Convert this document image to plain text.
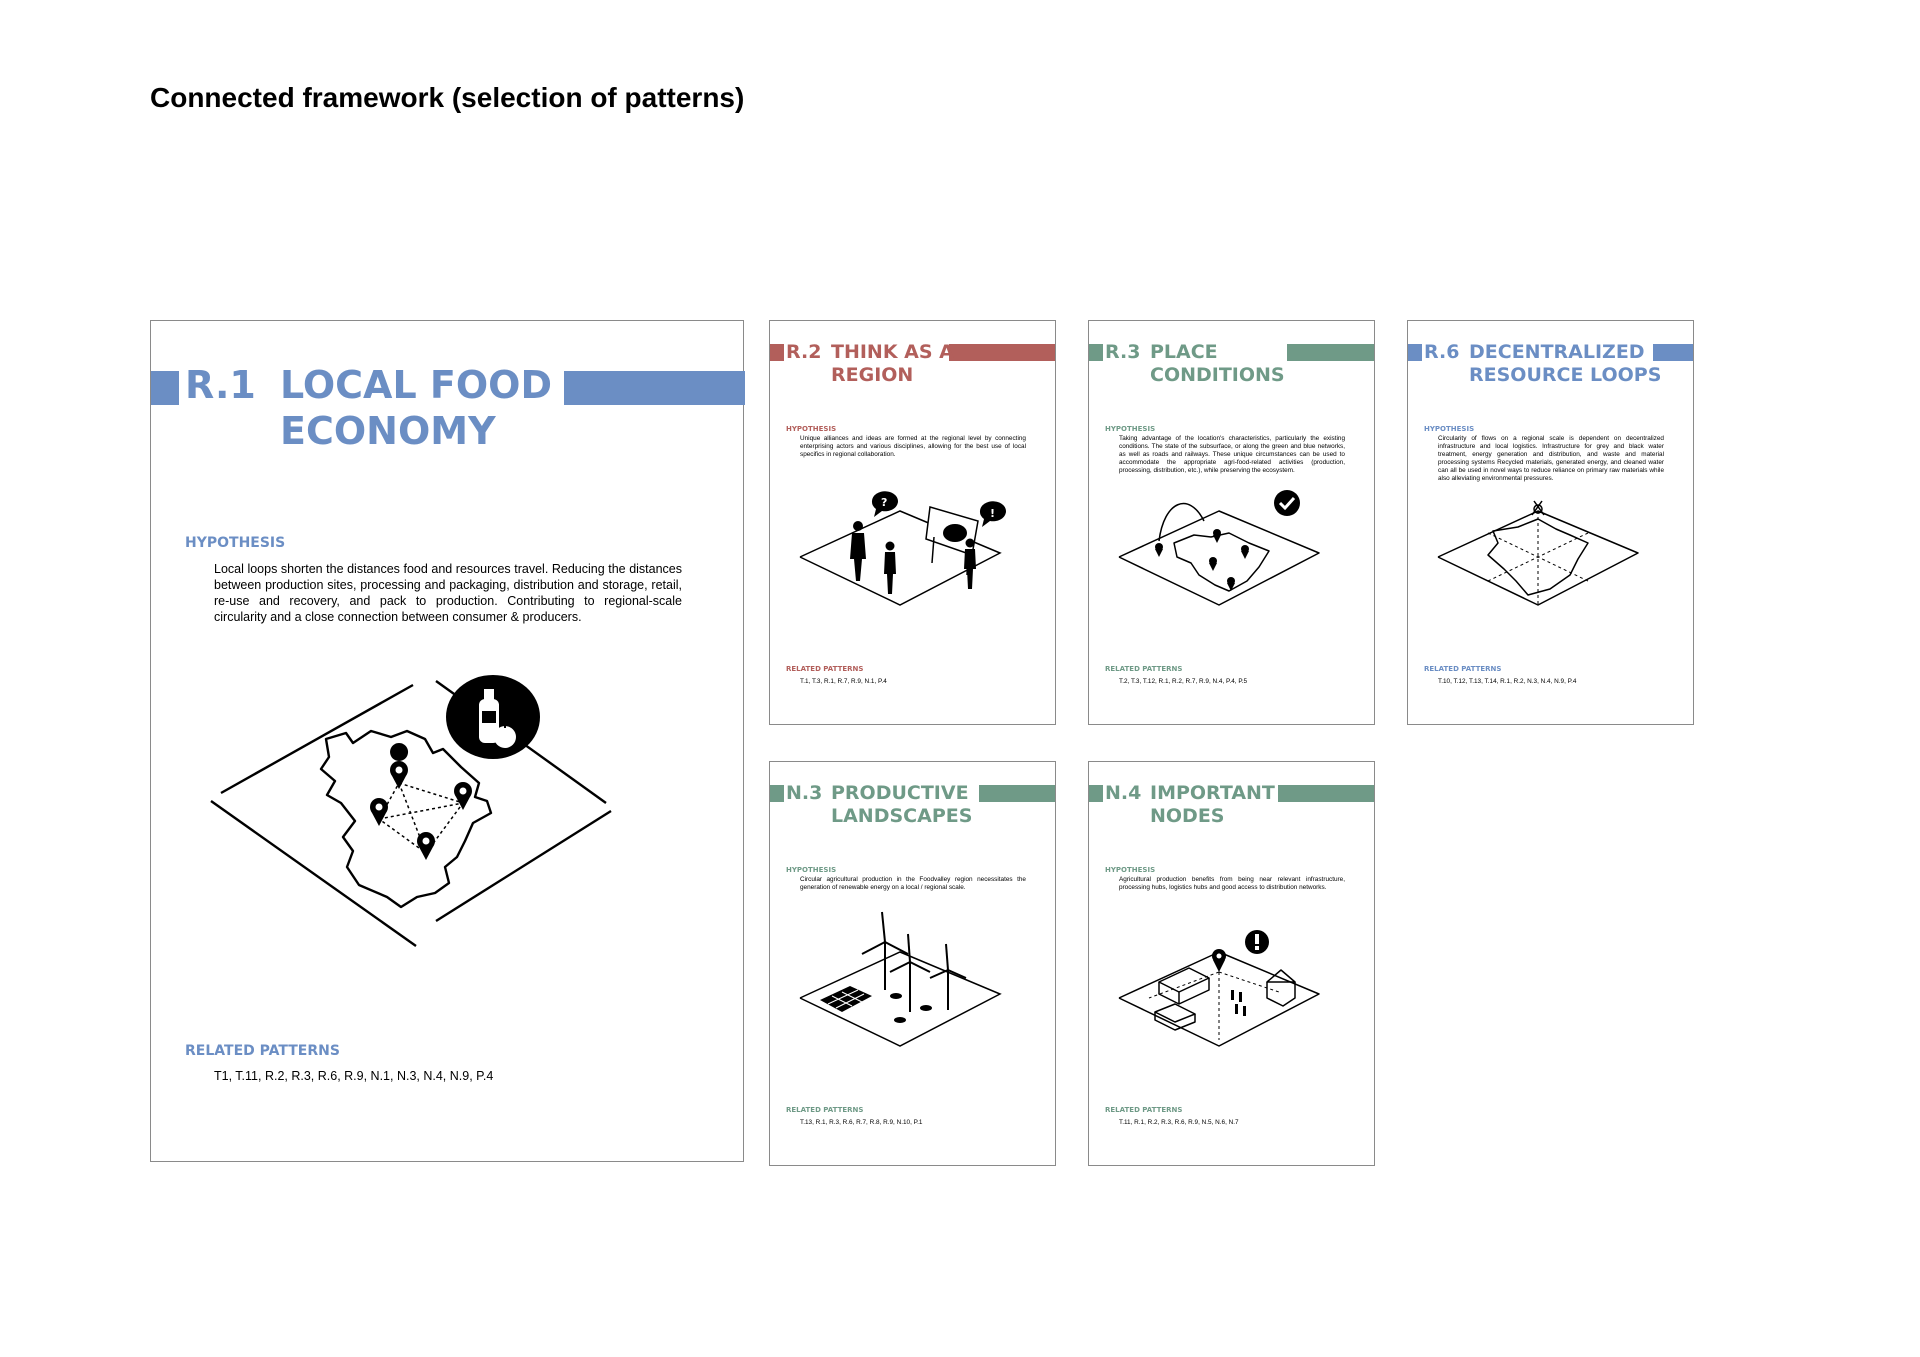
Connected framework (selection of patterns)
R.1 LOCAL FOOD ECONOMY
HYPOTHESIS
Local loops shorten the distances food and resources travel. Reducing the distances between production sites, processing and packaging, distribution and storage, retail, re-use and recovery, and pack to production. Contributing to regional-scale circularity and a close connection between consumer & producers.
RELATED PATTERNS
T1, T.11, R.2, R.3, R.6, R.9, N.1, N.3, N.4, N.9, P.4
R.2 THINK AS A REGION
HYPOTHESIS
Unique alliances and ideas are formed at the regional level by connecting enterprising actors and various disciplines, allowing for the best use of local specifics in regional collaboration.
?
!
RELATED PATTERNS
T.1, T.3, R.1, R.7, R.9, N.1, P.4
R.3 PLACE CONDITIONS
HYPOTHESIS
Taking advantage of the location's characteristics, particularly the existing conditions. The state of the subsurface, or along the green and blue networks, as well as roads and railways. These unique circumstances can be used to accommodate the appropriate agri-food-related activities (production, processing, distribution, etc.), while preserving the ecosystem.
RELATED PATTERNS
T.2, T.3, T.12, R.1, R.2, R.7, R.9, N.4, P.4, P.5
R.6 DECENTRALIZED RESOURCE LOOPS
HYPOTHESIS
Circularity of flows on a regional scale is dependent on decentralized infrastructure and local logistics. Infrastructure for grey and black water treatment, energy generation and distribution, and waste and material processing systems Recycled materials, generated energy, and cleaned water can all be used in novel ways to reduce reliance on primary raw materials while also alleviating environmental pressures.
RELATED PATTERNS
T.10, T.12, T.13, T.14, R.1, R.2, N.3, N.4, N.9, P.4
N.3 PRODUCTIVE LANDSCAPES
HYPOTHESIS
Circular agricultural production in the Foodvalley region necessitates the generation of renewable energy on a local / regional scale.
RELATED PATTERNS
T.13, R.1, R.3, R.6, R.7, R.8, R.9, N.10, P.1
N.4 IMPORTANT NODES
HYPOTHESIS
Agricultural production benefits from being near relevant infrastructure, processing hubs, logistics hubs and good access to distribution networks.
RELATED PATTERNS
T.11, R.1, R.2, R.3, R.6, R.9, N.5, N.6, N.7
